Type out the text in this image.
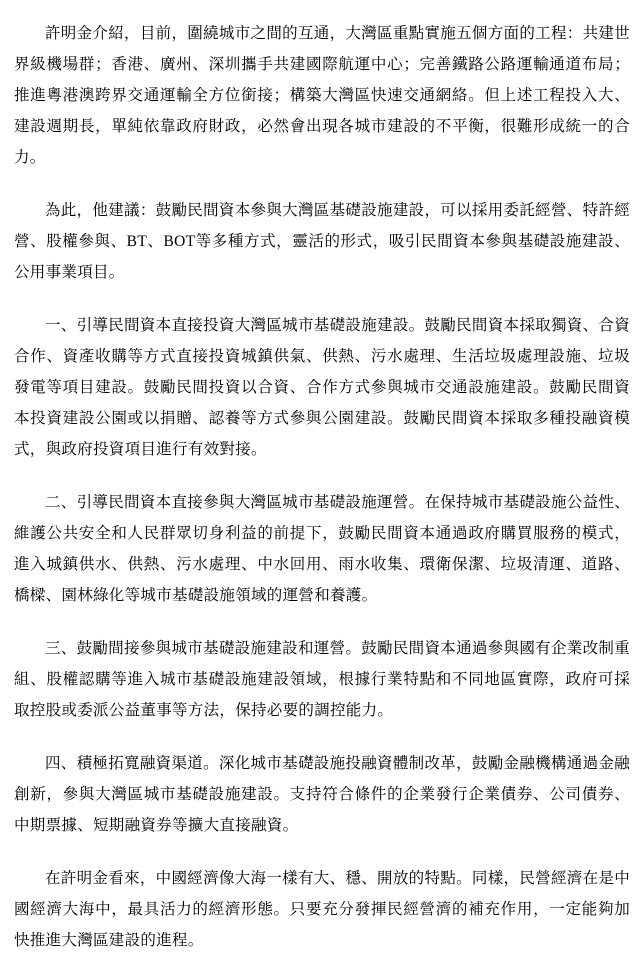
許明金介紹，目前，圍繞城市之間的互通，大灣區重點實施五個方面的工程：共建世界級機場群；香港、廣州、深圳攜手共建國際航運中心；完善鐵路公路運輸通道布局；推進粵港澳跨界交通運輸全方位銜接；構築大灣區快速交通網絡。但上述工程投入大、建設週期長，單純依靠政府財政，必然會出現各城市建設的不平衡，很難形成統一的合力。

為此，他建議：鼓勵民間資本參與大灣區基礎設施建設，可以採用委託經營、特許經營、股權參與、BT、BOT等多種方式，靈活的形式，吸引民間資本參與基礎設施建設、公用事業項目。

一、引導民間資本直接投資大灣區城市基礎設施建設。鼓勵民間資本採取獨資、合資合作、資產收購等方式直接投資城鎮供氣、供熱、污水處理、生活垃圾處理設施、垃圾發電等項目建設。鼓勵民間投資以合資、合作方式參與城市交通設施建設。鼓勵民間資本投資建設公園或以捐贈、認養等方式參與公園建設。鼓勵民間資本採取多種投融資模式，與政府投資項目進行有效對接。

二、引導民間資本直接參與大灣區城市基礎設施運營。在保持城市基礎設施公益性、維護公共安全和人民群眾切身利益的前提下，鼓勵民間資本通過政府購買服務的模式，進入城鎮供水、供熱、污水處理、中水回用、雨水收集、環衛保潔、垃圾清運、道路、橋樑、園林綠化等城市基礎設施領域的運營和養護。

三、鼓勵間接參與城市基礎設施建設和運營。鼓勵民間資本通過參與國有企業改制重組、股權認購等進入城市基礎設施建設領域，根據行業特點和不同地區實際，政府可採取控股或委派公益董事等方法，保持必要的調控能力。

四、積極拓寬融資渠道。深化城市基礎設施投融資體制改革，鼓勵金融機構通過金融創新，參與大灣區城市基礎設施建設。支持符合條件的企業發行企業債券、公司債券、中期票據、短期融資券等擴大直接融資。

在許明金看來，中國經濟像大海一樣有大、穩、開放的特點。同樣，民營經濟在是中國經濟大海中，最具活力的經濟形態。只要充分發揮民經營濟的補充作用，一定能夠加快推進大灣區建設的進程。
